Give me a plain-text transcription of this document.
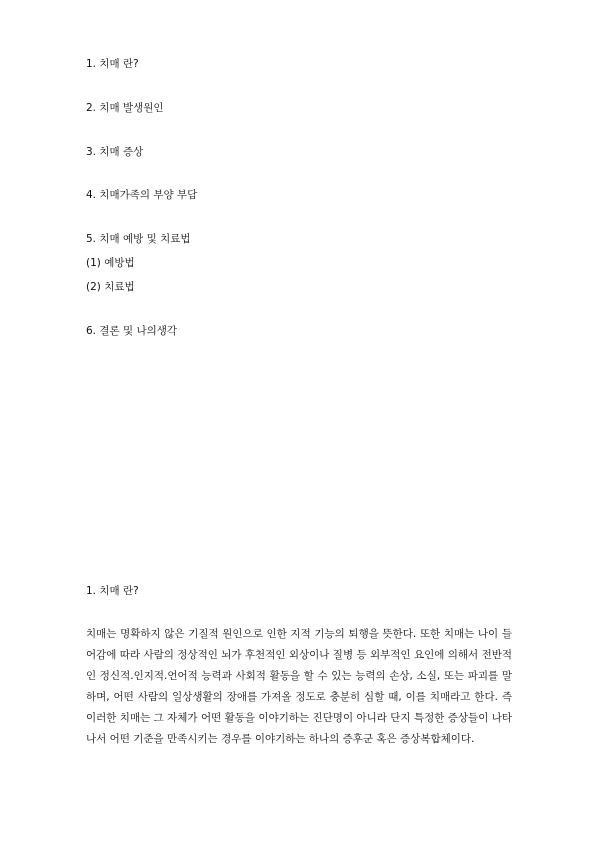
1. 치매 란?
2. 치매 발생원인
3. 치매 증상
4. 치매가족의 부양 부담
5. 치매 예방 및 치료법
(1) 예방법
(2) 치료법
6. 결론 및 나의생각
1. 치매 란?
치매는 명확하지 않은 기질적 원인으로 인한 지적 기능의 퇴행을 뜻한다. 또한 치매는 나이 들어감에 따라 사람의 정상적인 뇌가 후천적인 외상이나 질병 등 외부적인 요인에 의해서 전반적인 정신적.인지적.언어적 능력과 사회적 활동을 할 수 있는 능력의 손상, 소실, 또는 파괴를 말하며, 어떤 사람의 일상생활의 장애를 가져올 정도로 충분히 심할 때, 이를 치매라고 한다. 즉 이러한 치매는 그 자체가 어떤 활동을 이야기하는 진단명이 아니라 단지 특정한 증상들이 나타나서 어떤 기준을 만족시키는 경우를 이야기하는 하나의 증후군 혹은 증상복합체이다.
